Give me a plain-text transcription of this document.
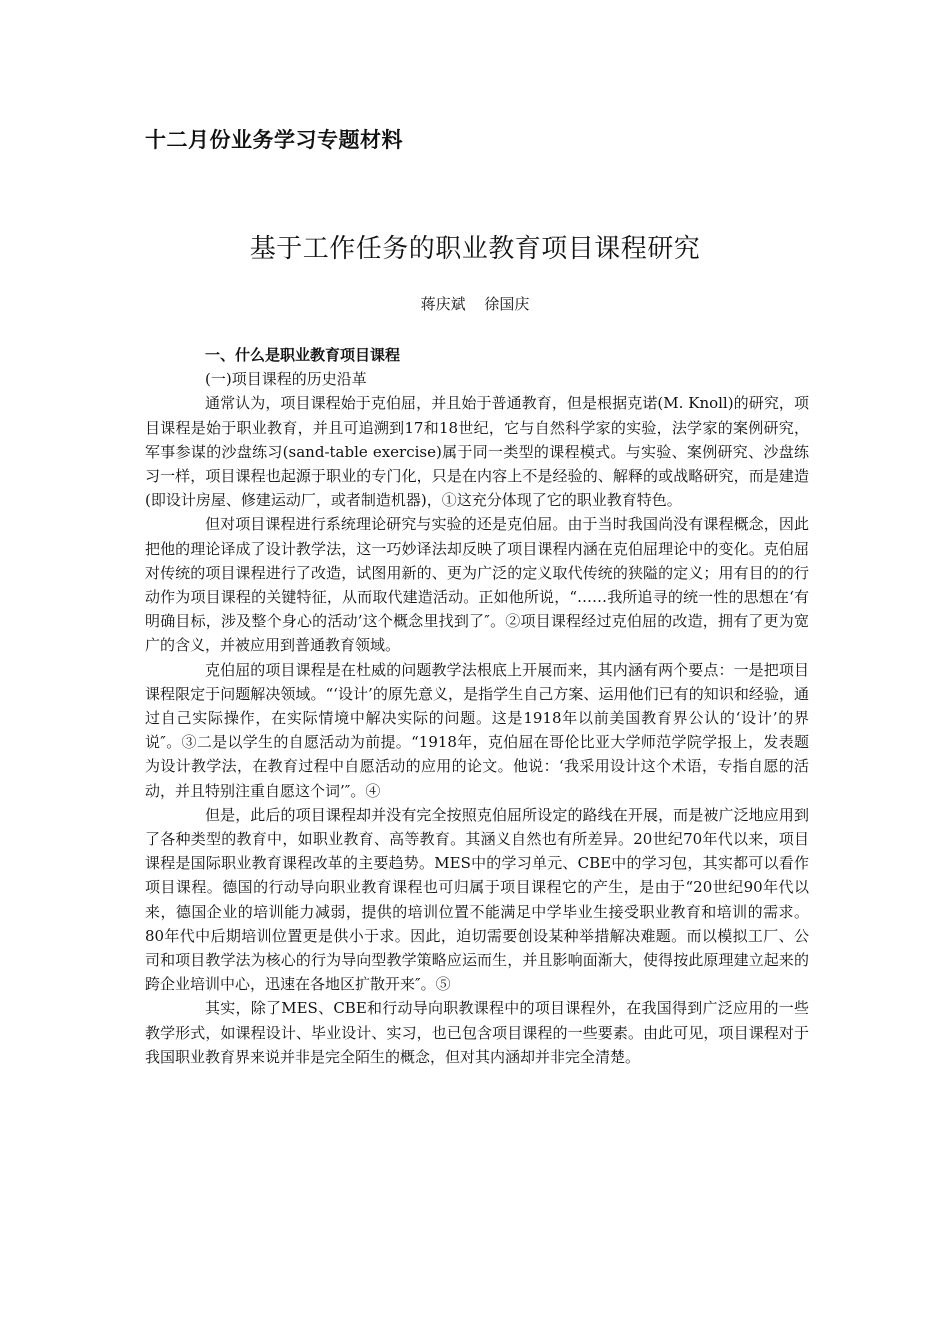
十二月份业务学习专题材料
基于工作任务的职业教育项目课程研究

蒋庆斌 徐国庆

一、什么是职业教育项目课程

(一)项目课程的历史沿革

通常认为，项目课程始于克伯屈，并且始于普通教育，但是根据克诺(M. Knoll)的研究，项目课程是始于职业教育，并且可追溯到17和18世纪，它与自然科学家的实验，法学家的案例研究，军事参谋的沙盘练习(sand-table exercise)属于同一类型的课程模式。与实验、案例研究、沙盘练习一样，项目课程也起源于职业的专门化，只是在内容上不是经验的、解释的或战略研究，而是建造(即设计房屋、修建运动厂，或者制造机器)，①这充分体现了它的职业教育特色。

但对项目课程进行系统理论研究与实验的还是克伯屈。由于当时我国尚没有课程概念，因此把他的理论译成了设计教学法，这一巧妙译法却反映了项目课程内涵在克伯屈理论中的变化。克伯屈对传统的项目课程进行了改造，试图用新的、更为广泛的定义取代传统的狭隘的定义；用有目的的行动作为项目课程的关键特征，从而取代建造活动。正如他所说，“……我所追寻的统一性的思想在‘有明确目标，涉及整个身心的活动’这个概念里找到了″。②项目课程经过克伯屈的改造，拥有了更为宽广的含义，并被应用到普通教育领域。

克伯屈的项目课程是在杜威的问题教学法根底上开展而来，其内涵有两个要点：一是把项目课程限定于问题解决领域。“‘设计’的原先意义，是指学生自己方案、运用他们已有的知识和经验，通过自己实际操作，在实际情境中解决实际的问题。这是1918年以前美国教育界公认的‘设计’的界说″。③二是以学生的自愿活动为前提。“1918年，克伯屈在哥伦比亚大学师范学院学报上，发表题为设计教学法，在教育过程中自愿活动的应用的论文。他说：‘我采用设计这个术语，专指自愿的活动，并且特别注重自愿这个词’″。④

但是，此后的项目课程却并没有完全按照克伯屈所设定的路线在开展，而是被广泛地应用到了各种类型的教育中，如职业教育、高等教育。其涵义自然也有所差异。20世纪70年代以来，项目课程是国际职业教育课程改革的主要趋势。MES中的学习单元、CBE中的学习包，其实都可以看作项目课程。德国的行动导向职业教育课程也可归属于项目课程它的产生，是由于“20世纪90年代以来，德国企业的培训能力减弱，提供的培训位置不能满足中学毕业生接受职业教育和培训的需求。80年代中后期培训位置更是供小于求。因此，迫切需要创设某种举措解决难题。而以模拟工厂、公司和项目教学法为核心的行为导向型教学策略应运而生，并且影响面渐大，使得按此原理建立起来的跨企业培训中心，迅速在各地区扩散开来″。⑤

其实，除了MES、CBE和行动导向职教课程中的项目课程外，在我国得到广泛应用的一些教学形式，如课程设计、毕业设计、实习，也已包含项目课程的一些要素。由此可见，项目课程对于我国职业教育界来说并非是完全陌生的概念，但对其内涵却并非完全清楚。
